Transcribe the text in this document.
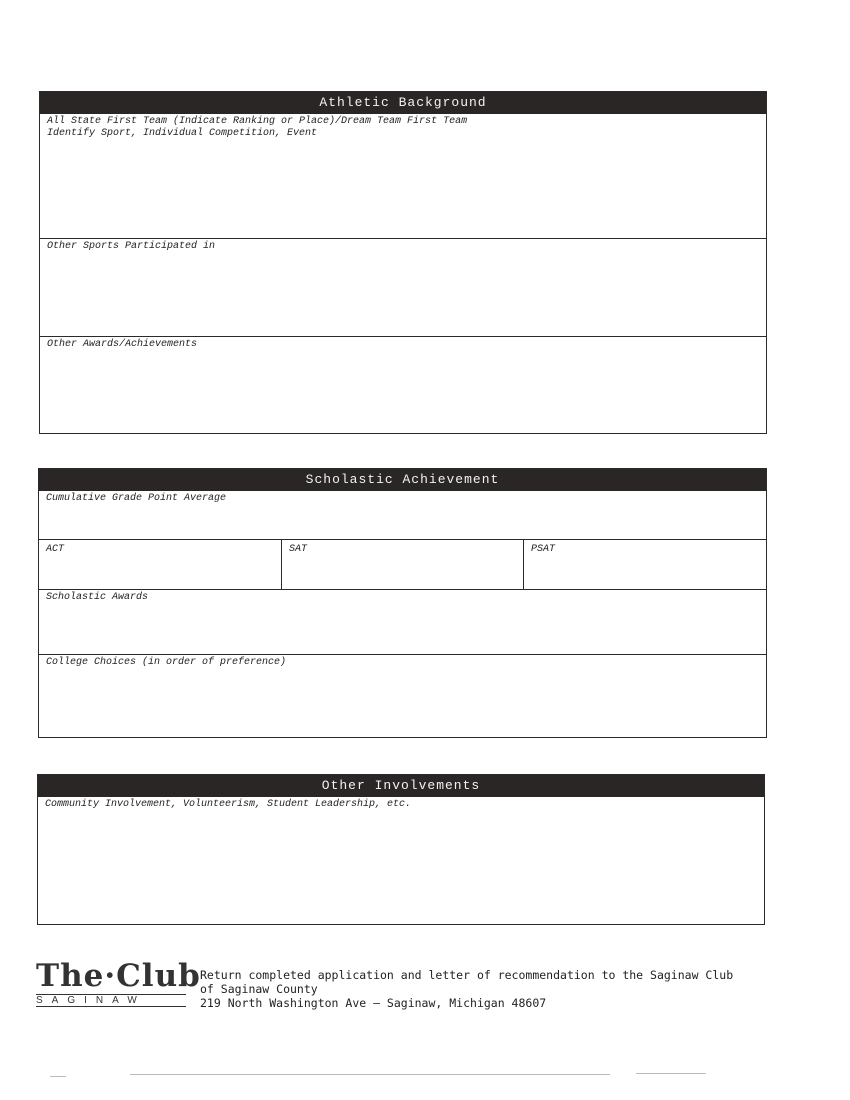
Athletic Background
All State First Team (Indicate Ranking or Place)/Dream Team First Team
Identify Sport, Individual Competition, Event
Other Sports Participated in
Other Awards/Achievements
Scholastic Achievement
Cumulative Grade Point Average
ACT	SAT	PSAT
Scholastic Awards
College Choices (in order of preference)
Other Involvements
Community Involvement, Volunteerism, Student Leadership, etc.
The·Club
SAGINAW
Return completed application and letter of recommendation to the Saginaw Club
of Saginaw County
219 North Washington Ave – Saginaw, Michigan 48607
